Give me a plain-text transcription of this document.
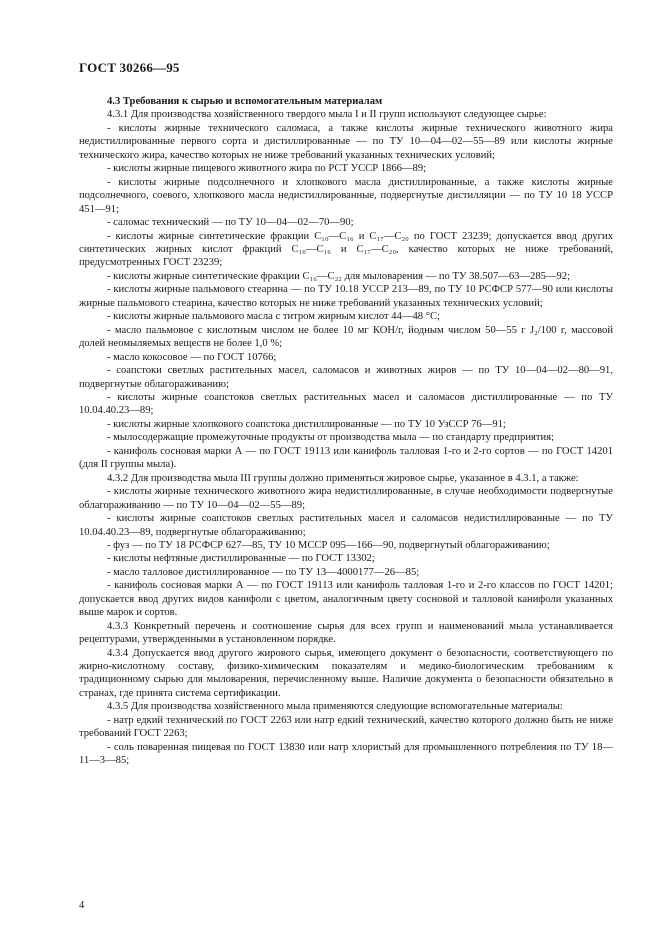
ГОСТ 30266—95
4.3 Требования к сырью и вспомогательным материалам

4.3.1 Для производства хозяйственного твердого мыла I и II групп используют следующее сырье:

- кислоты жирные технического саломаса, а также кислоты жирные технического животного жира недистиллированные первого сорта и дистиллированные — по ТУ 10—04—02—55—89 или кислоты жирные технического жира, качество которых не ниже требований указанных технических условий;

- кислоты жирные пищевого животного жира по РСТ УССР 1866—89;

- кислоты жирные подсолнечного и хлопкового масла дистиллированные, а также кислоты жирные подсолнечного, соевого, хлопкового масла недистиллированные, подвергнутые дистилляции — по ТУ 10 18 УССР 451—91;

- саломас технический — по ТУ 10—04—02—70—90;

- кислоты жирные синтетические фракции C₁₀—C₁₆ и C₁₇—C₂₀ по ГОСТ 23239; допускается ввод других синтетических жирных кислот фракций C₁₀—C₁₆ и C₁₇—C₂₀, качество которых не ниже требований, предусмотренных ГОСТ 23239;

- кислоты жирные синтетические фракции C₁₆—C₂₂ для мыловарения — по ТУ 38.507—63—285—92;

- кислоты жирные пальмового стеарина — по ТУ 10.18 УССР 213—89, по ТУ 10 РСФСР 577—90 или кислоты жирные пальмового стеарина, качество которых не ниже требований указанных технических условий;

- кислоты жирные пальмового масла с титром жирным кислот 44—48 °С;

- масло пальмовое с кислотным числом не более 10 мг КОН/г, йодным числом 50—55 г J₂/100 г, массовой долей неомыляемых веществ не более 1,0 %;

- масло кокосовое — по ГОСТ 10766;

- соапстоки светлых растительных масел, саломасов и животных жиров — по ТУ 10—04—02—80—91, подвергнутые облагораживанию;

- кислоты жирные соапстоков светлых растительных масел и саломасов дистиллированные — по ТУ 10.04.40.23—89;

- кислоты жирные хлопкового соапстока дистиллированные — по ТУ 10 УзССР 76—91;

- мылосодержащие промежуточные продукты от производства мыла — по стандарту предприятия;

- канифоль сосновая марки А — по ГОСТ 19113 или канифоль талловая 1-го и 2-го сортов — по ГОСТ 14201 (для II группы мыла).

4.3.2 Для производства мыла III группы должно применяться жировое сырье, указанное в 4.3.1, а также:

- кислоты жирные технического животного жира недистиллированные, в случае необходимости подвергнутые облагораживанию — по ТУ 10—04—02—55—89;

- кислоты жирные соапстоков светлых растительных масел и саломасов недистиллированные — по ТУ 10.04.40.23—89, подвергнутые облагораживанию;

- фуз — по ТУ 18 РСФСР 627—85, ТУ 10 МССР 095—166—90, подвергнутый облагораживанию;

- кислоты нефтяные дистиллированные — по ГОСТ 13302;

- масло талловое дистиллированное — по ТУ 13—4000177—26—85;

- канифоль сосновая марки А — по ГОСТ 19113 или канифоль талловая 1-го и 2-го классов по ГОСТ 14201; допускается ввод других видов канифоли с цветом, аналогичным цвету сосновой и талловой канифоли указанных выше марок и сортов.

4.3.3 Конкретный перечень и соотношение сырья для всех групп и наименований мыла устанавливается рецептурами, утвержденными в установленном порядке.

4.3.4 Допускается ввод другого жирового сырья, имеющего документ о безопасности, соответствующего по жирно-кислотному составу, физико-химическим показателям и медико-биологическим требованиям к традиционному сырью для мыловарения, перечисленному выше. Наличие документа о безопасности обязательно в странах, где принята система сертификации.

4.3.5 Для производства хозяйственного мыла применяются следующие вспомогательные материалы:

- натр едкий технический по ГОСТ 2263 или натр едкий технический, качество которого должно быть не ниже требований ГОСТ 2263;

- соль поваренная пищевая по ГОСТ 13830 или натр хлористый для промышленного потребления по ТУ 18—11—3—85;

4
